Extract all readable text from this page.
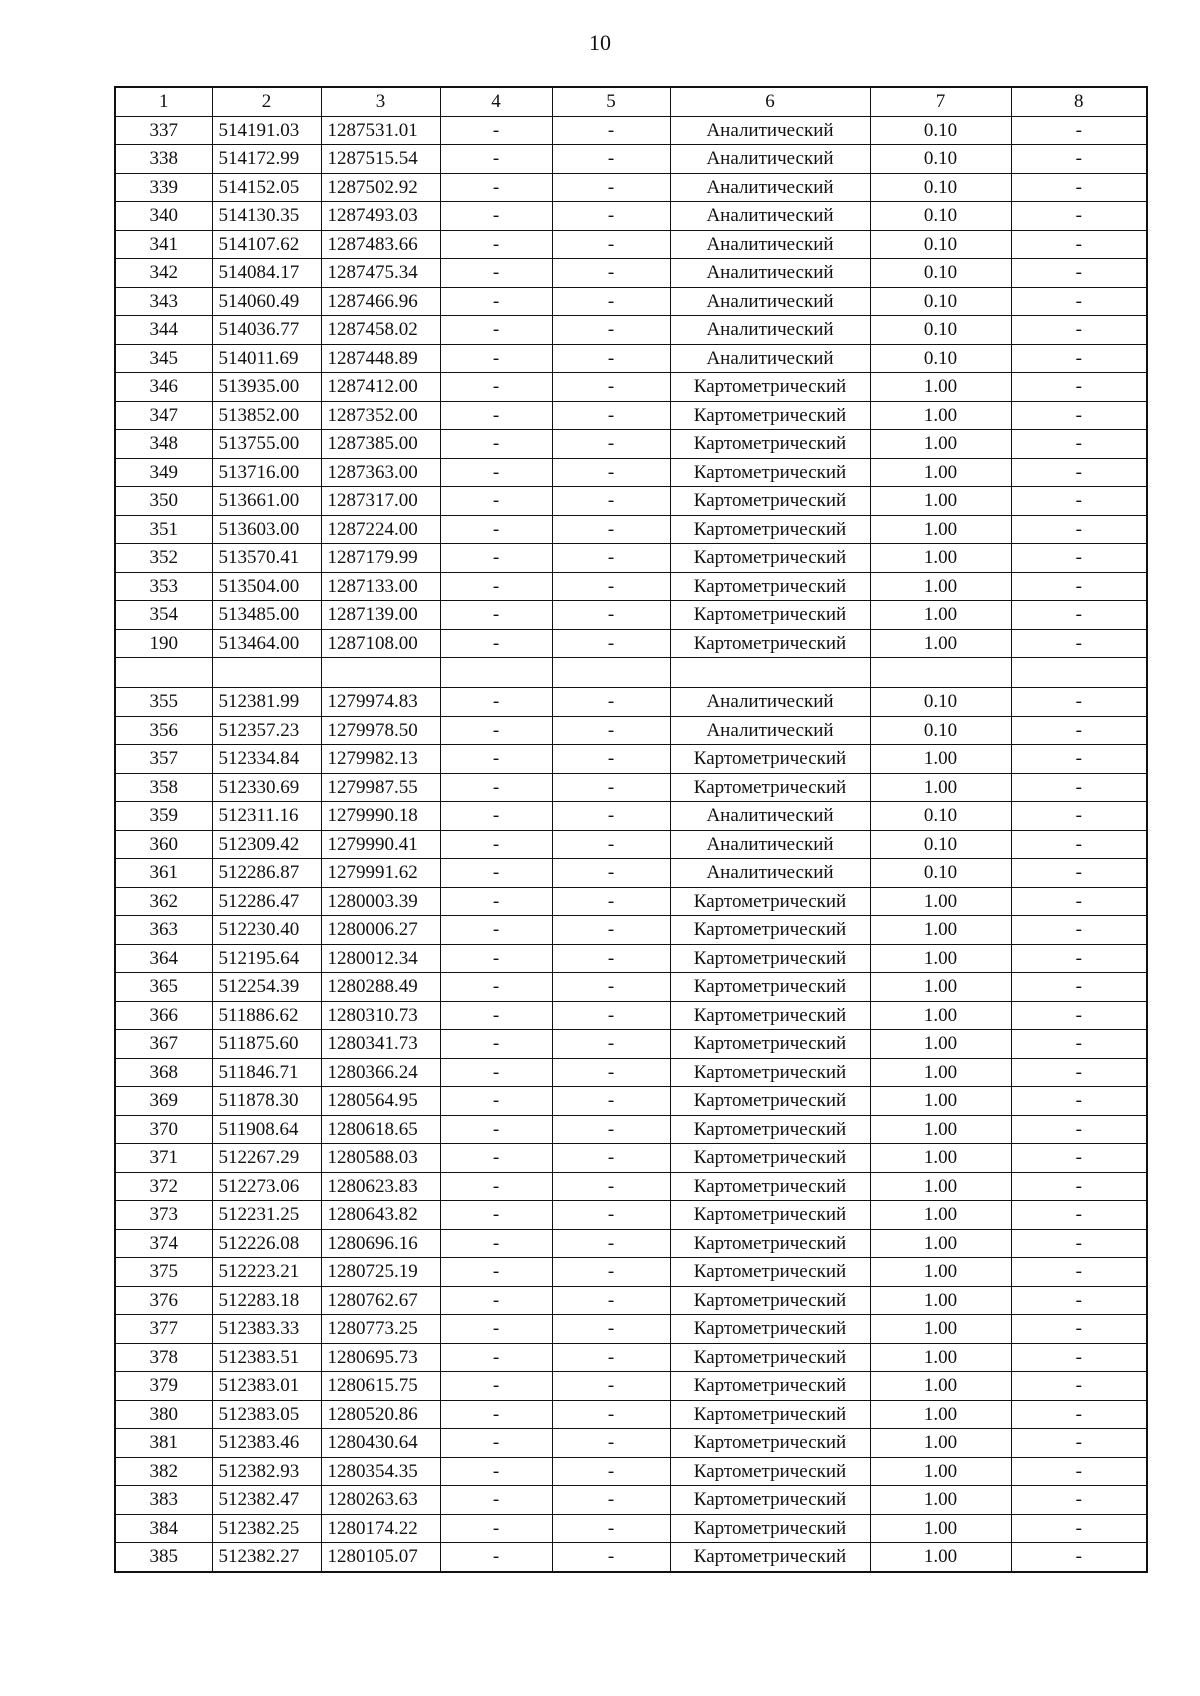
10
1	2	3	4	5	6	7	8
337	514191.03	1287531.01	-	-	Аналитический	0.10	-
338	514172.99	1287515.54	-	-	Аналитический	0.10	-
339	514152.05	1287502.92	-	-	Аналитический	0.10	-
340	514130.35	1287493.03	-	-	Аналитический	0.10	-
341	514107.62	1287483.66	-	-	Аналитический	0.10	-
342	514084.17	1287475.34	-	-	Аналитический	0.10	-
343	514060.49	1287466.96	-	-	Аналитический	0.10	-
344	514036.77	1287458.02	-	-	Аналитический	0.10	-
345	514011.69	1287448.89	-	-	Аналитический	0.10	-
346	513935.00	1287412.00	-	-	Картометрический	1.00	-
347	513852.00	1287352.00	-	-	Картометрический	1.00	-
348	513755.00	1287385.00	-	-	Картометрический	1.00	-
349	513716.00	1287363.00	-	-	Картометрический	1.00	-
350	513661.00	1287317.00	-	-	Картометрический	1.00	-
351	513603.00	1287224.00	-	-	Картометрический	1.00	-
352	513570.41	1287179.99	-	-	Картометрический	1.00	-
353	513504.00	1287133.00	-	-	Картометрический	1.00	-
354	513485.00	1287139.00	-	-	Картометрический	1.00	-
190	513464.00	1287108.00	-	-	Картометрический	1.00	-

355	512381.99	1279974.83	-	-	Аналитический	0.10	-
356	512357.23	1279978.50	-	-	Аналитический	0.10	-
357	512334.84	1279982.13	-	-	Картометрический	1.00	-
358	512330.69	1279987.55	-	-	Картометрический	1.00	-
359	512311.16	1279990.18	-	-	Аналитический	0.10	-
360	512309.42	1279990.41	-	-	Аналитический	0.10	-
361	512286.87	1279991.62	-	-	Аналитический	0.10	-
362	512286.47	1280003.39	-	-	Картометрический	1.00	-
363	512230.40	1280006.27	-	-	Картометрический	1.00	-
364	512195.64	1280012.34	-	-	Картометрический	1.00	-
365	512254.39	1280288.49	-	-	Картометрический	1.00	-
366	511886.62	1280310.73	-	-	Картометрический	1.00	-
367	511875.60	1280341.73	-	-	Картометрический	1.00	-
368	511846.71	1280366.24	-	-	Картометрический	1.00	-
369	511878.30	1280564.95	-	-	Картометрический	1.00	-
370	511908.64	1280618.65	-	-	Картометрический	1.00	-
371	512267.29	1280588.03	-	-	Картометрический	1.00	-
372	512273.06	1280623.83	-	-	Картометрический	1.00	-
373	512231.25	1280643.82	-	-	Картометрический	1.00	-
374	512226.08	1280696.16	-	-	Картометрический	1.00	-
375	512223.21	1280725.19	-	-	Картометрический	1.00	-
376	512283.18	1280762.67	-	-	Картометрический	1.00	-
377	512383.33	1280773.25	-	-	Картометрический	1.00	-
378	512383.51	1280695.73	-	-	Картометрический	1.00	-
379	512383.01	1280615.75	-	-	Картометрический	1.00	-
380	512383.05	1280520.86	-	-	Картометрический	1.00	-
381	512383.46	1280430.64	-	-	Картометрический	1.00	-
382	512382.93	1280354.35	-	-	Картометрический	1.00	-
383	512382.47	1280263.63	-	-	Картометрический	1.00	-
384	512382.25	1280174.22	-	-	Картометрический	1.00	-
385	512382.27	1280105.07	-	-	Картометрический	1.00	-
